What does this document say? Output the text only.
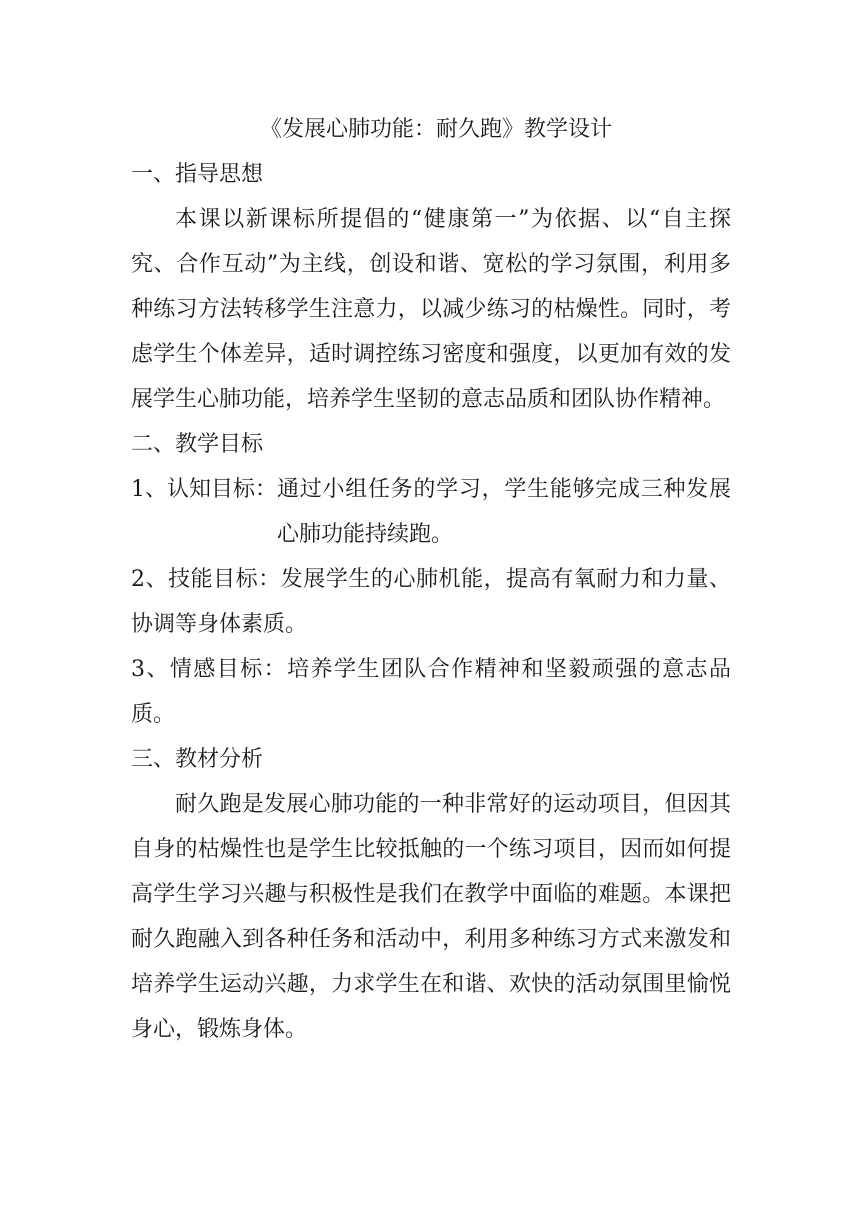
《发展心肺功能：耐久跑》教学设计
一、指导思想

本课以新课标所提倡的“健康第一”为依据、以“自主探究、合作互动”为主线，创设和谐、宽松的学习氛围，利用多种练习方法转移学生注意力，以减少练习的枯燥性。同时，考虑学生个体差异，适时调控练习密度和强度，以更加有效的发展学生心肺功能，培养学生坚韧的意志品质和团队协作精神。

二、教学目标
1、认知目标： 通过小组任务的学习，学生能够完成三种发展心肺功能持续跑。

2、技能目标：发展学生的心肺机能，提高有氧耐力和力量、协调等身体素质。

3、情感目标：培养学生团队合作精神和坚毅顽强的意志品质。

三、教材分析

耐久跑是发展心肺功能的一种非常好的运动项目，但因其自身的枯燥性也是学生比较抵触的一个练习项目，因而如何提高学生学习兴趣与积极性是我们在教学中面临的难题。本课把耐久跑融入到各种任务和活动中，利用多种练习方式来激发和培养学生运动兴趣，力求学生在和谐、欢快的活动氛围里愉悦身心，锻炼身体。
